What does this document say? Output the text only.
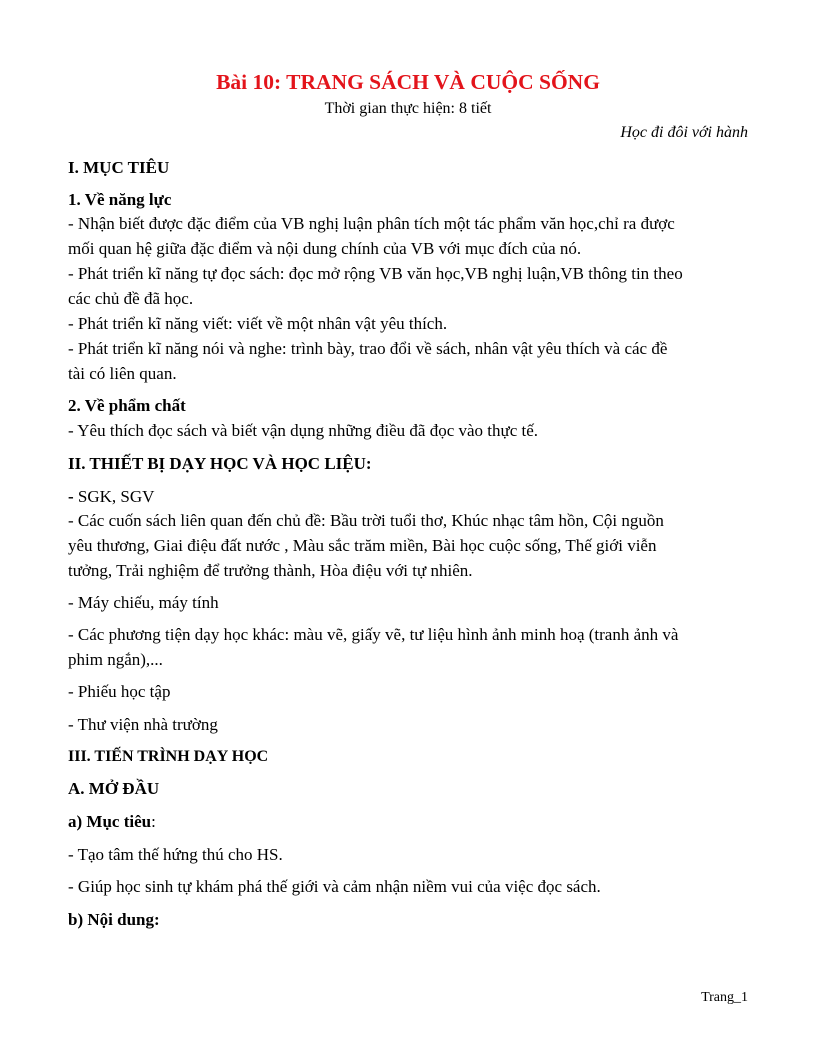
Bài 10: TRANG SÁCH VÀ CUỘC SỐNG
Thời gian thực hiện: 8 tiết
Học đi đôi với hành
I. MỤC TIÊU
1. Về năng lực
- Nhận biết được đặc điểm của VB nghị luận phân tích một tác phẩm văn học,chỉ ra được
mối quan hệ giữa đặc điểm và nội dung chính của VB với mục đích của nó.
- Phát triển kĩ năng tự đọc sách: đọc mở rộng VB văn học,VB nghị luận,VB thông tin theo
các chủ đề đã học.
- Phát triển kĩ năng viết: viết về một nhân vật yêu thích.
- Phát triển kĩ năng nói và nghe: trình bày, trao đổi về sách, nhân vật yêu thích và các đề
tài có liên quan.
2. Về phẩm chất
- Yêu thích đọc sách và biết vận dụng những điều đã đọc vào thực tế.
II. THIẾT BỊ DẠY HỌC VÀ HỌC LIỆU:
- SGK, SGV
- Các cuốn sách liên quan đến chủ đề: Bầu trời tuổi thơ, Khúc nhạc tâm hồn, Cội nguồn
yêu thương, Giai điệu đất nước , Màu sắc trăm miền, Bài học cuộc sống, Thế giới viễn
tưởng, Trải nghiệm để trưởng thành, Hòa điệu với tự nhiên.
- Máy chiếu, máy tính
- Các phương tiện dạy học khác: màu vẽ, giấy vẽ, tư liệu hình ảnh minh hoạ (tranh ảnh và
phim ngắn),...
- Phiếu học tập
- Thư viện nhà trường
III. TIẾN TRÌNH DẠY HỌC
A. MỞ ĐẦU
a) Mục tiêu:
- Tạo tâm thế hứng thú cho HS.
- Giúp học sinh tự khám phá thế giới và cảm nhận niềm vui của việc đọc sách.
b) Nội dung:
Trang_1
